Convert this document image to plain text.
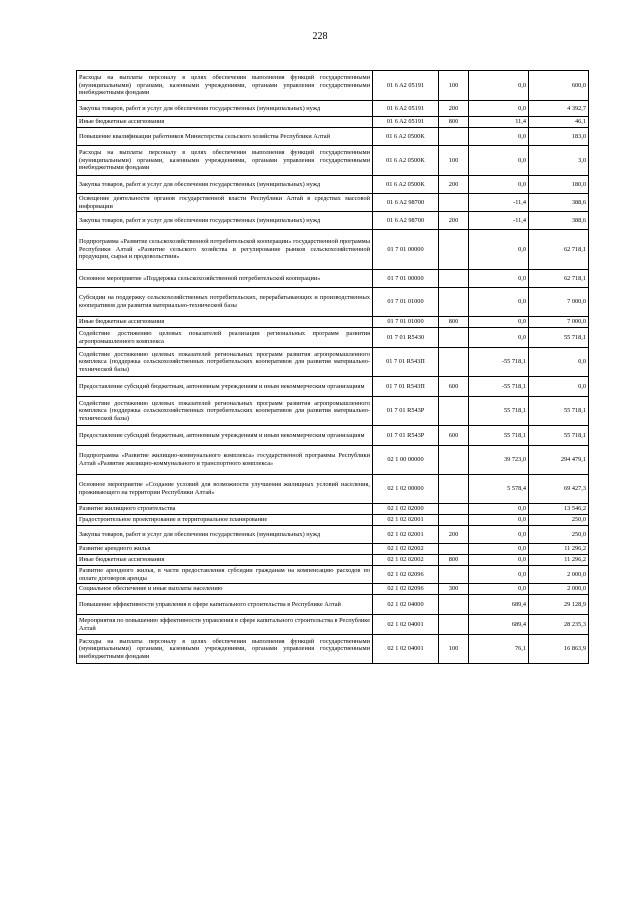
228
Расходы на выплаты персоналу в целях обеспечения выполнения функций государственными (муниципальными) органами, казенными учреждениями, органами управления государственными внебюджетными фондами	01 6 A2 05191	100	0,0	600,0
Закупка товаров, работ и услуг для обеспечения государственных (муниципальных) нужд	01 6 A2 05191	200	0,0	4 392,7
Иные бюджетные ассигнования	01 6 A2 05191	800	11,4	46,1
Повышение квалификации работников Министерства сельского хозяйства Республики Алтай	01 6 A2 0500K		0,0	183,0
Расходы на выплаты персоналу в целях обеспечения выполнения функций государственными (муниципальными) органами, казенными учреждениями, органами управления государственными внебюджетными фондами	01 6 A2 0500K	100	0,0	3,0
Закупка товаров, работ и услуг для обеспечения государственных (муниципальных) нужд	01 6 A2 0500K	200	0,0	180,0
Освещение деятельности органов государственной власти Республики Алтай в средствах массовой информации	01 6 A2 98700		-11,4	388,6
Закупка товаров, работ и услуг для обеспечения государственных (муниципальных) нужд	01 6 A2 98700	200	-11,4	388,6
Подпрограмма «Развитие сельскохозяйственной потребительской кооперации» государственной программы Республики Алтай «Развитие сельского хозяйства и регулирование рынков сельскохозяйственной продукции, сырья и продовольствия»	01 7 01 00000		0,0	62 718,1
Основное мероприятие «Поддержка сельскохозяйственной потребительской кооперации»	01 7 01 00000		0,0	62 718,1
Субсидии на поддержку сельскохозяйственных потребительских, перерабатывающих и производственных кооперативов для развития материально-технической базы	01 7 01 01000		0,0	7 000,0
Иные бюджетные ассигнования	01 7 01 01000	800	0,0	7 000,0
Содействие достижению целевых показателей реализации региональных программ развития агропромышленного комплекса	01 7 01 R5430		0,0	55 718,1
Содействие достижению целевых показателей региональных программ развития агропромышленного комплекса (поддержка сельскохозяйственных потребительских кооперативов для развития материально-технической базы)	01 7 01 R543П		-55 718,1	0,0
Предоставление субсидий бюджетным, автономным учреждениям и иным некоммерческим организациям	01 7 01 R543П	600	-55 718,1	0,0
Содействие достижению целевых показателей региональных программ развития агропромышленного комплекса (поддержка сельскохозяйственных потребительских кооперативов для развития материально-технической базы)	01 7 01 R543P		55 718,1	55 718,1
Предоставление субсидий бюджетным, автономным учреждениям и иным некоммерческим организациям	01 7 01 R543P	600	55 718,1	55 718,1
Подпрограмма «Развитие жилищно-коммунального комплекса» государственной программы Республики Алтай «Развитие жилищно-коммунального и транспортного комплекса»	02 1 00 00000		39 723,0	294 479,1
Основное мероприятие «Создание условий для возможности улучшения жилищных условий населения, проживающего на территории Республики Алтай»	02 1 02 00000		5 578,4	69 427,3
Развитие жилищного строительства	02 1 02 02000		0,0	13 546,2
Градостроительное проектирование и территориальное планирование	02 1 02 02001		0,0	250,0
Закупка товаров, работ и услуг для обеспечения государственных (муниципальных) нужд	02 1 02 02001	200	0,0	250,0
Развитие арендного жилья	02 1 02 02002		0,0	11 296,2
Иные бюджетные ассигнования	02 1 02 02002	800	0,0	11 296,2
Развитие арендного жилья, в части предоставления субсидии гражданам на компенсацию расходов по оплате договоров аренды	02 1 02 02096		0,0	2 000,0
Социальное обеспечение и иные выплаты населению	02 1 02 02096	300	0,0	2 000,0
Повышение эффективности управления в сфере капитального строительства в Республике Алтай	02 1 02 04000		689,4	29 128,9
Мероприятия по повышению эффективности управления в сфере капитального строительства в Республике Алтай	02 1 02 04001		689,4	28 235,3
Расходы на выплаты персоналу в целях обеспечения выполнения функций государственными (муниципальными) органами, казенными учреждениями, органами управления государственными внебюджетными фондами	02 1 02 04001	100	76,1	16 863,9
